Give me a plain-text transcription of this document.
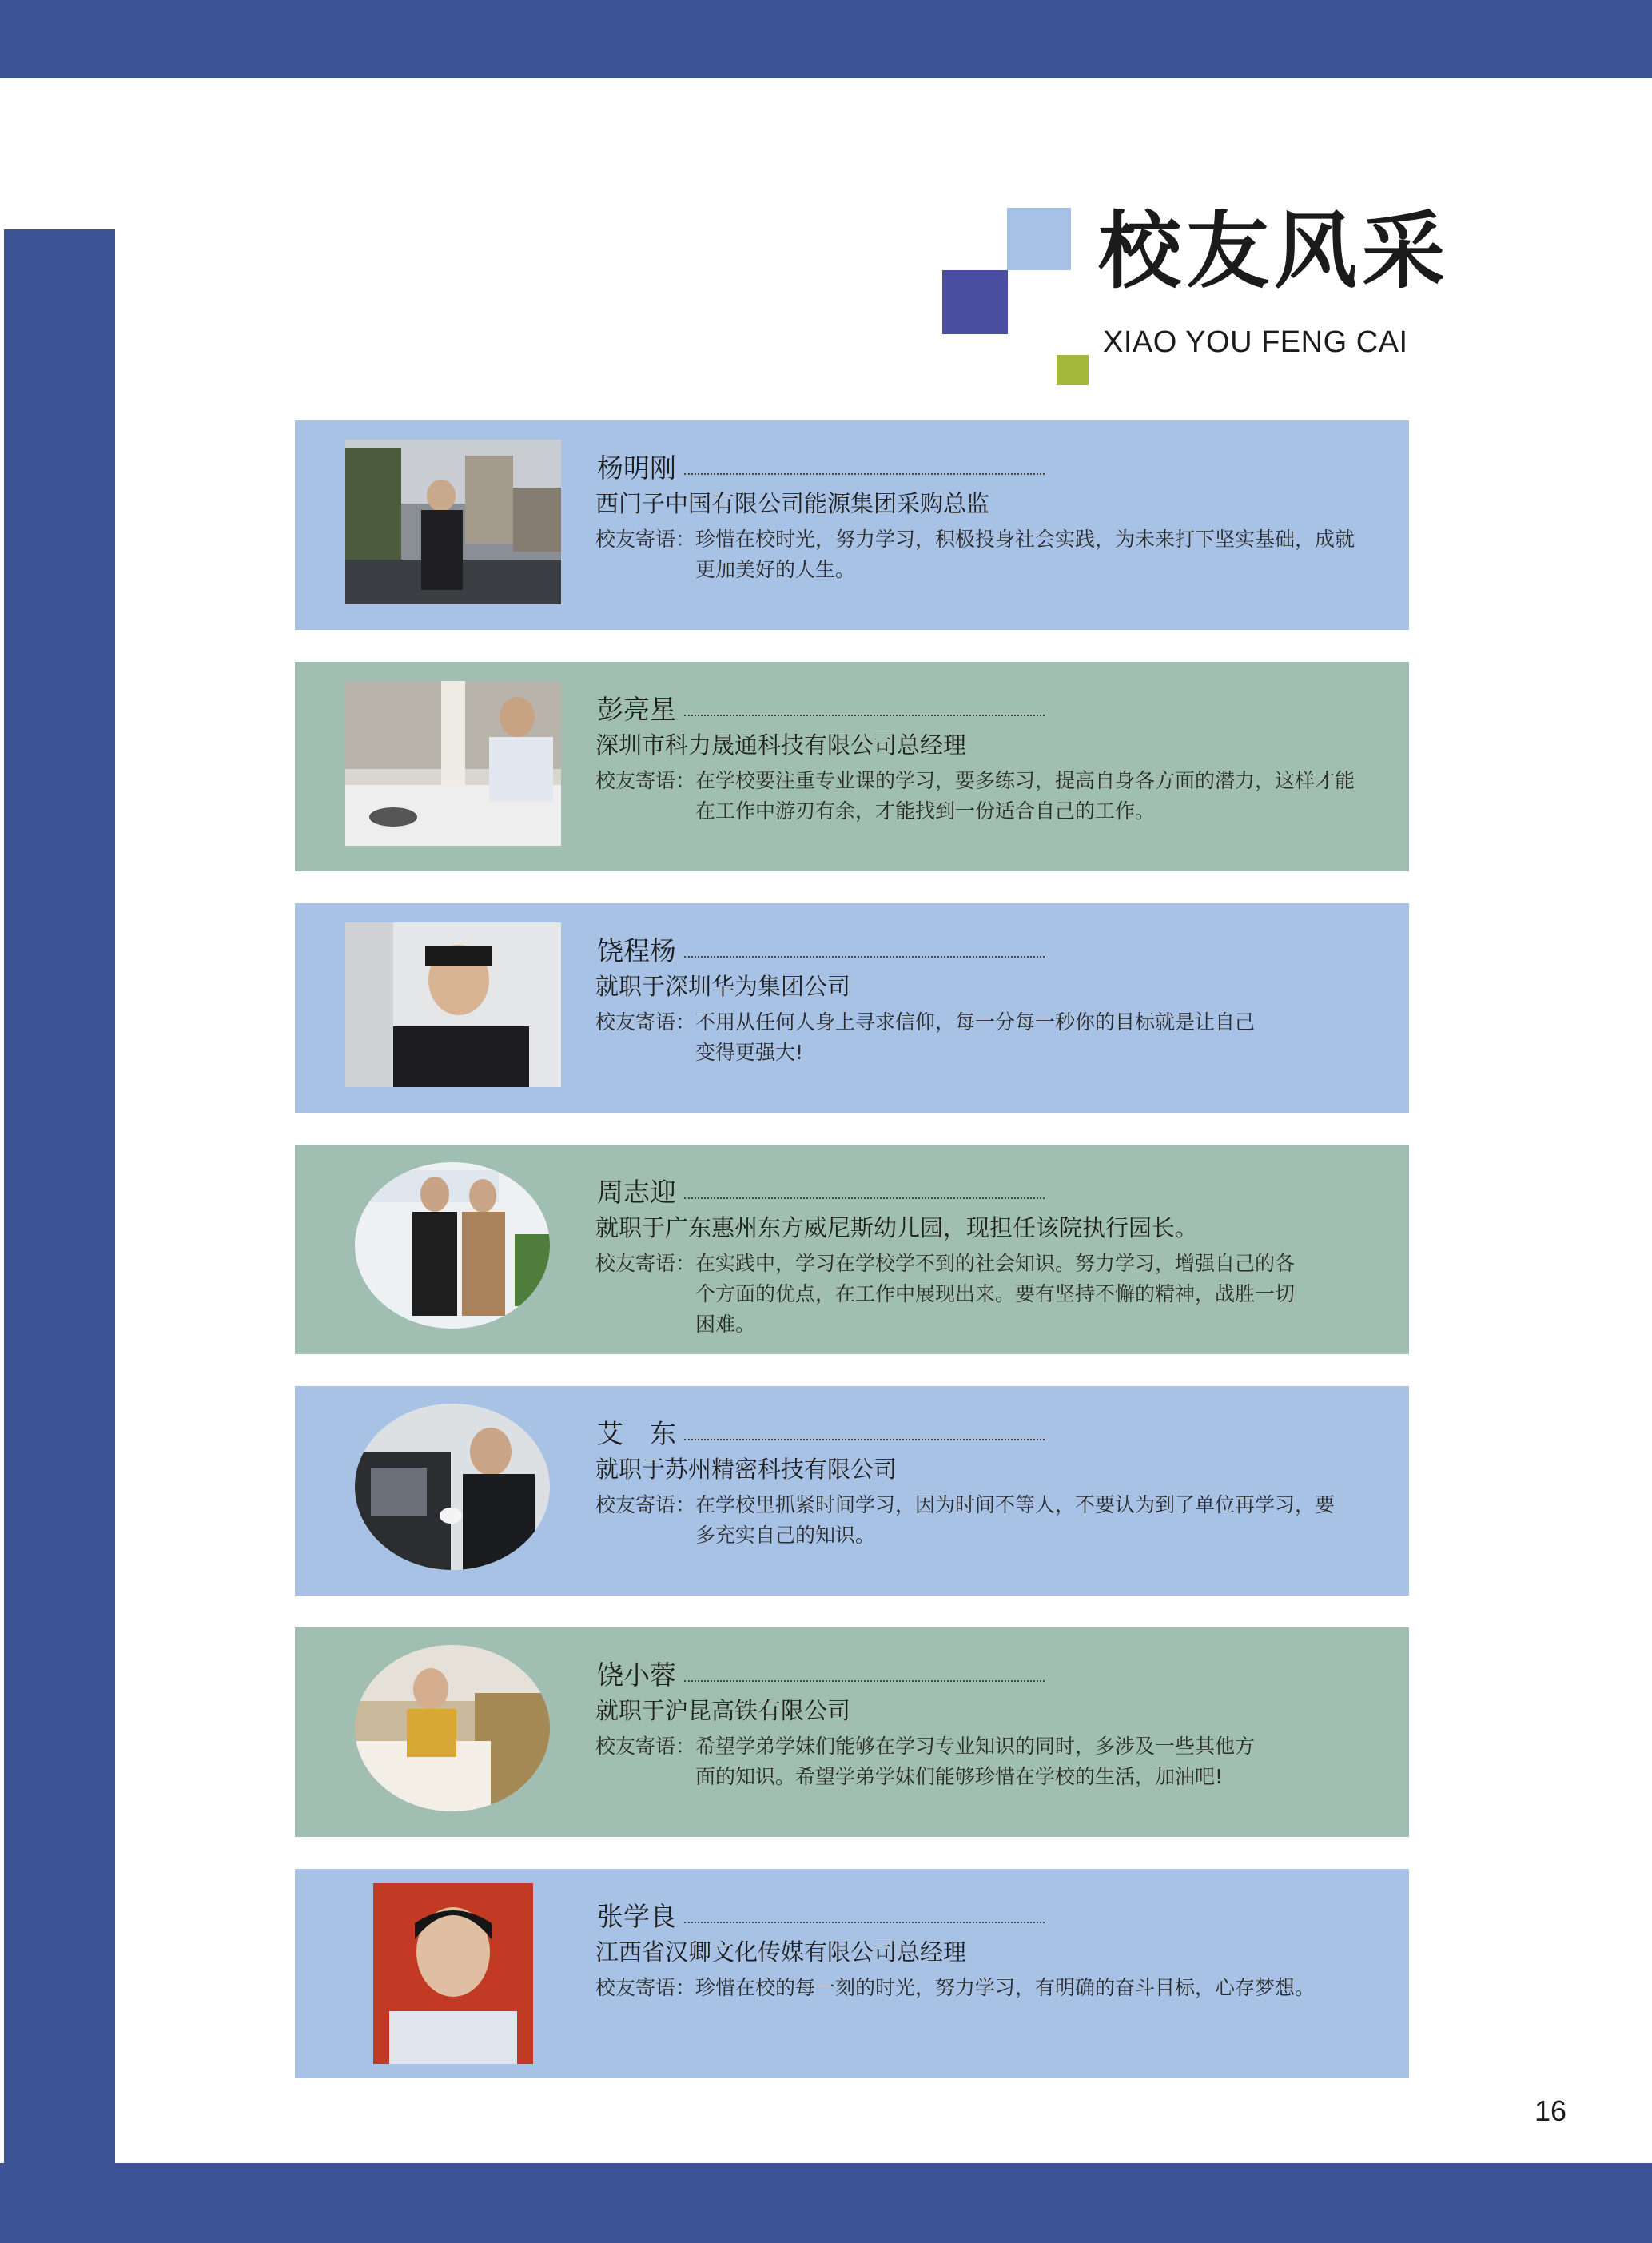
校友风采
XIAO YOU FENG CAI
杨明刚
西门子中国有限公司能源集团采购总监
校友寄语： 珍惜在校时光，努力学习，积极投身社会实践，为未来打下坚实基础，成就更加美好的人生。
彭亮星
深圳市科力晟通科技有限公司总经理
校友寄语： 在学校要注重专业课的学习，要多练习，提高自身各方面的潜力，这样才能在工作中游刃有余，才能找到一份适合自己的工作。
饶程杨
就职于深圳华为集团公司
校友寄语： 不用从任何人身上寻求信仰，每一分每一秒你的目标就是让自己变得更强大!
周志迎
就职于广东惠州东方威尼斯幼儿园，现担任该院执行园长。
校友寄语： 在实践中，学习在学校学不到的社会知识。努力学习，增强自己的各个方面的优点，在工作中展现出来。要有坚持不懈的精神，战胜一切困难。
艾　东
就职于苏州精密科技有限公司
校友寄语： 在学校里抓紧时间学习，因为时间不等人，不要认为到了单位再学习，要多充实自己的知识。
饶小蓉
就职于沪昆高铁有限公司
校友寄语： 希望学弟学妹们能够在学习专业知识的同时，多涉及一些其他方面的知识。希望学弟学妹们能够珍惜在学校的生活，加油吧!
张学良
江西省汉卿文化传媒有限公司总经理
校友寄语： 珍惜在校的每一刻的时光，努力学习，有明确的奋斗目标，心存梦想。
16
